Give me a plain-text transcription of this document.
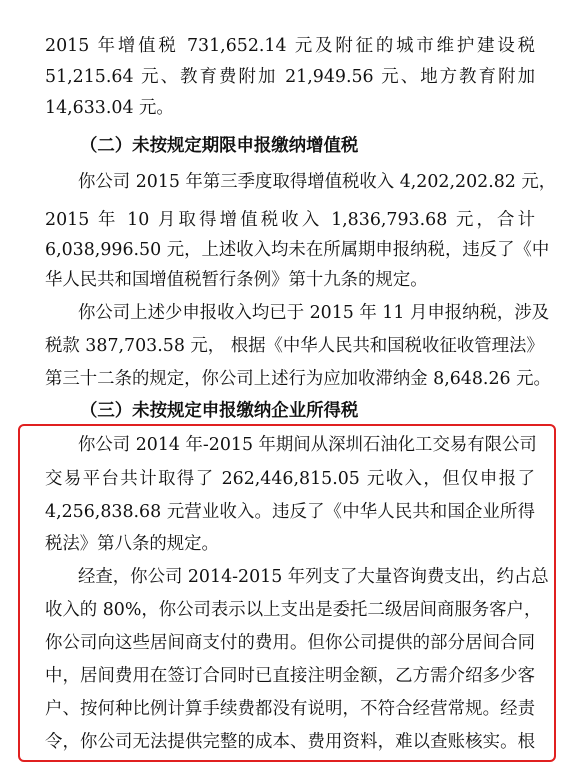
2015 年增值税 731,652.14 元及附征的城市维护建设税
51,215.64 元、教育费附加 21,949.56 元、地方教育附加
14,633.04 元。
（二）未按规定期限申报缴纳增值税
你公司 2015 年第三季度取得增值税收入 4,202,202.82 元，
2015 年 10 月取得增值税收入 1,836,793.68 元，合计
6,038,996.50 元，上述收入均未在所属期申报纳税，违反了《中
华人民共和国增值税暂行条例》第十九条的规定。
你公司上述少申报收入均已于 2015 年 11 月申报纳税，涉及
税款 387,703.58 元， 根据《中华人民共和国税收征收管理法》
第三十二条的规定，你公司上述行为应加收滞纳金 8,648.26 元。
（三）未按规定申报缴纳企业所得税
你公司 2014 年-2015 年期间从深圳石油化工交易有限公司
交易平台共计取得了 262,446,815.05 元收入，但仅申报了
4,256,838.68 元营业收入。违反了《中华人民共和国企业所得
税法》第八条的规定。
经查，你公司 2014-2015 年列支了大量咨询费支出，约占总
收入的 80%，你公司表示以上支出是委托二级居间商服务客户，
你公司向这些居间商支付的费用。但你公司提供的部分居间合同
中，居间费用在签订合同时已直接注明金额，乙方需介绍多少客
户、按何种比例计算手续费都没有说明，不符合经营常规。经责
令，你公司无法提供完整的成本、费用资料，难以查账核实。根
